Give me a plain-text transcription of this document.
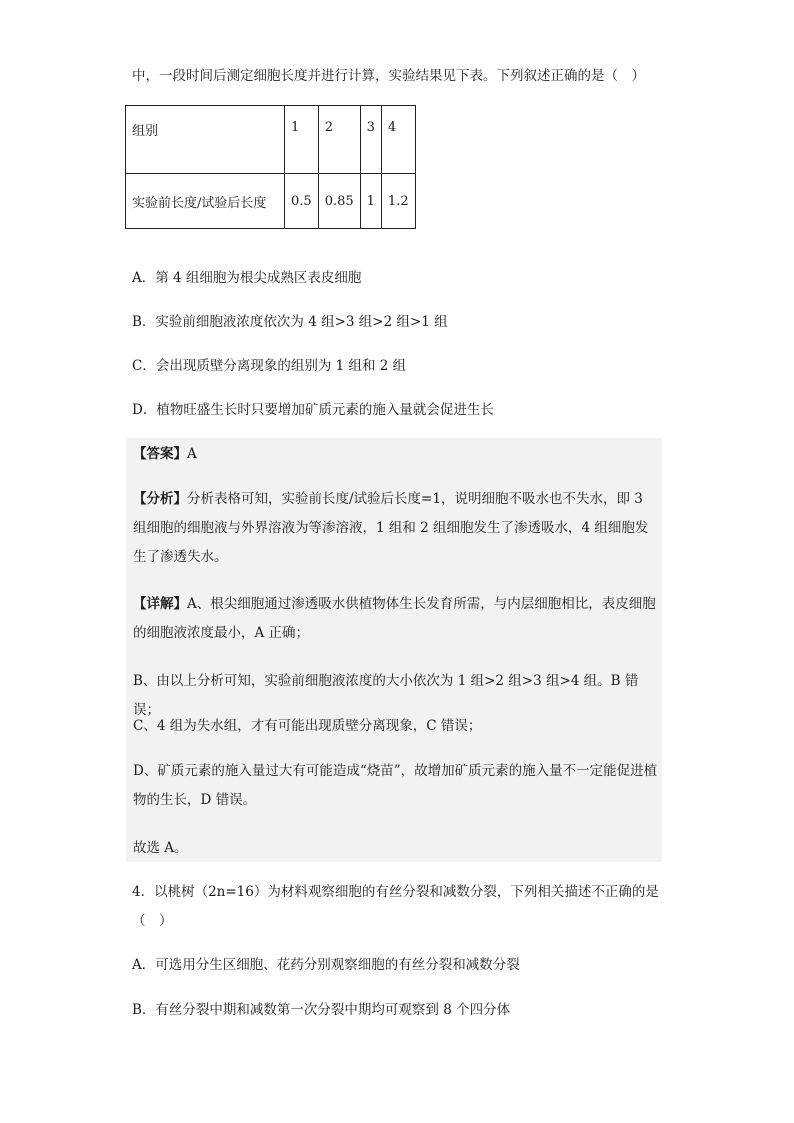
中，一段时间后测定细胞长度并进行计算，实验结果见下表。下列叙述正确的是（　）

组别	1	2	3	4
实验前长度/试验后长度	0.5	0.85	1	1.2
A．第 4 组细胞为根尖成熟区表皮细胞
B．实验前细胞液浓度依次为 4 组>3 组>2 组>1 组
C．会出现质壁分离现象的组别为 1 组和 2 组
D．植物旺盛生长时只要增加矿质元素的施入量就会促进生长

【答案】A

【分析】分析表格可知，实验前长度/试验后长度=1，说明细胞不吸水也不失水，即 3 组细胞的细胞液与外界溶液为等渗溶液，1 组和 2 组细胞发生了渗透吸水，4 组细胞发生了渗透失水。

【详解】A、根尖细胞通过渗透吸水供植物体生长发育所需，与内层细胞相比，表皮细胞的细胞液浓度最小，A 正确；

B、由以上分析可知，实验前细胞液浓度的大小依次为 1 组>2 组>3 组>4 组。B 错误；

C、4 组为失水组，才有可能出现质壁分离现象，C 错误；

D、矿质元素的施入量过大有可能造成“烧苗”，故增加矿质元素的施入量不一定能促进植物的生长，D 错误。

故选 A。

4．以桃树（2n=16）为材料观察细胞的有丝分裂和减数分裂，下列相关描述不正确的是（　）

A．可选用分生区细胞、花药分别观察细胞的有丝分裂和减数分裂

B．有丝分裂中期和减数第一次分裂中期均可观察到 8 个四分体
